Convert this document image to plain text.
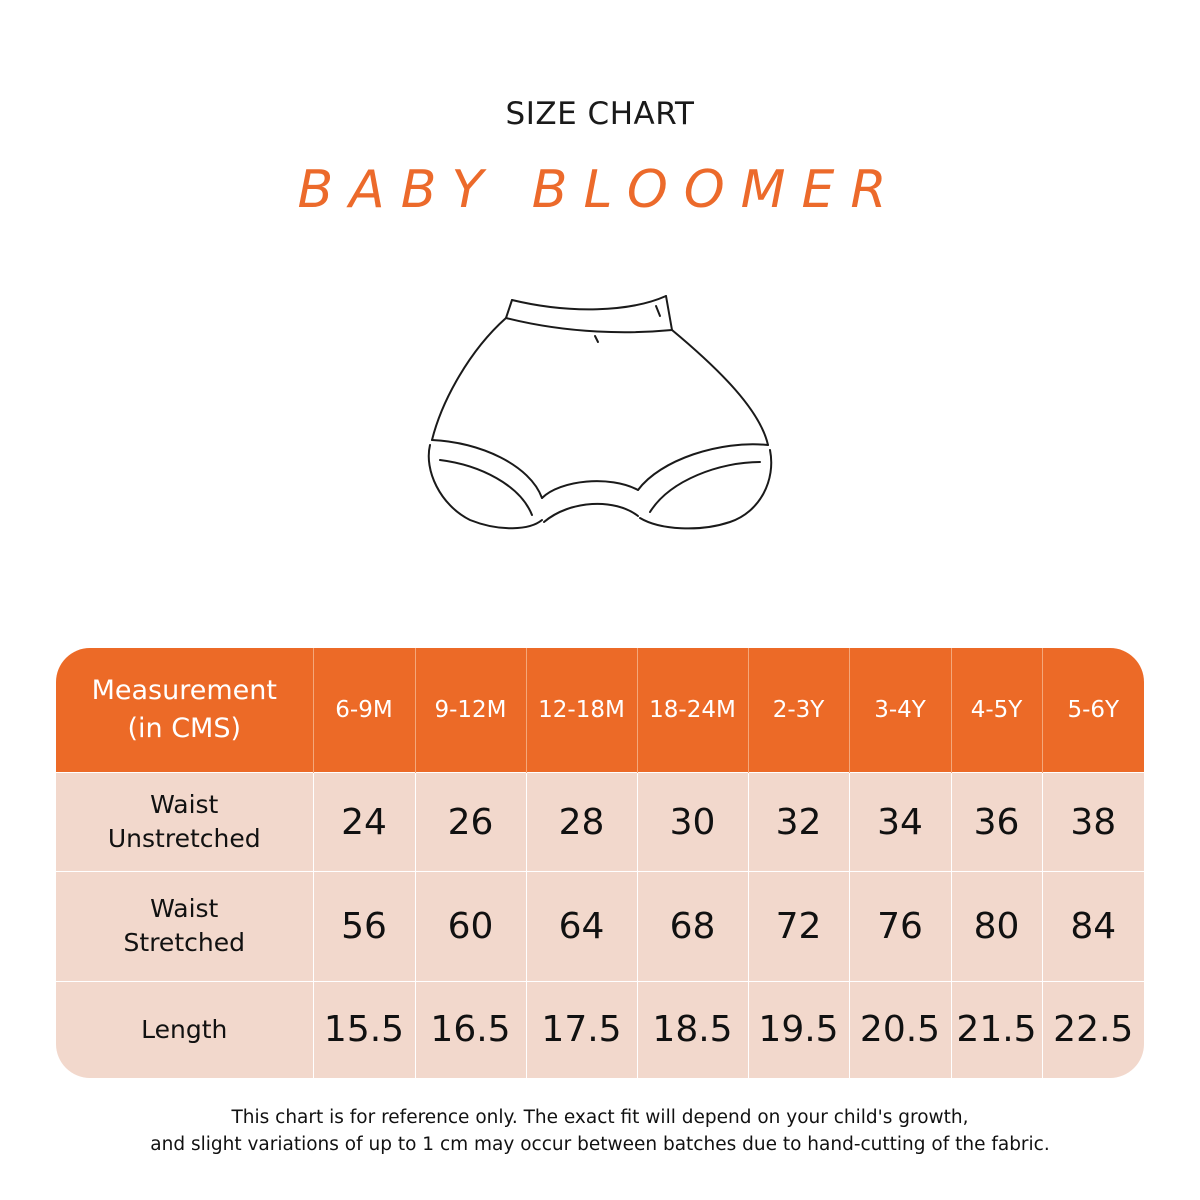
SIZE CHART
BABY BLOOMER
Measurement
(in CMS)	6-9M	9-12M	12-18M	18-24M	2-3Y	3-4Y	4-5Y	5-6Y

Waist
Unstretched	24	26	28	30	32	34	36	38

Waist
Stretched	56	60	64	68	72	76	80	84

Length	15.5	16.5	17.5	18.5	19.5	20.5	21.5	22.5
This chart is for reference only. The exact fit will depend on your child's growth,
and slight variations of up to 1 cm may occur between batches due to hand-cutting of the fabric.
